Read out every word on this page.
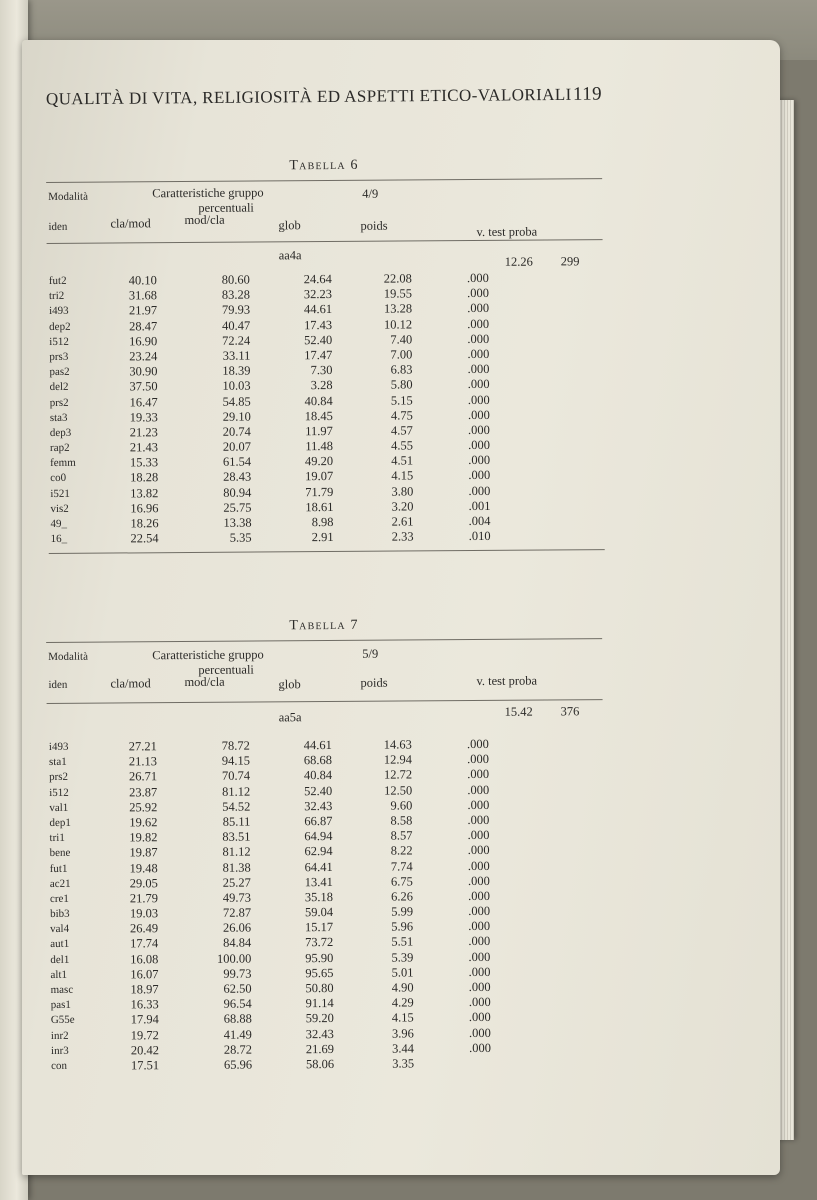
QUALITÀ DI VITA, RELIGIOSITÀ ED ASPETTI ETICO-VALORIALI 119
Tabella 6
Modalità	Caratteristiche gruppo
percentuali
4/9
iden	cla/mod	mod/cla	glob	poids	v. test proba
aa4a	12.26 299
fut2	40.10	80.60	24.64	22.08	.000
tri2	31.68	83.28	32.23	19.55	.000
i493	21.97	79.93	44.61	13.28	.000
dep2	28.47	40.47	17.43	10.12	.000
i512	16.90	72.24	52.40	7.40	.000
prs3	23.24	33.11	17.47	7.00	.000
pas2	30.90	18.39	7.30	6.83	.000
del2	37.50	10.03	3.28	5.80	.000
prs2	16.47	54.85	40.84	5.15	.000
sta3	19.33	29.10	18.45	4.75	.000
dep3	21.23	20.74	11.97	4.57	.000
rap2	21.43	20.07	11.48	4.55	.000
femm	15.33	61.54	49.20	4.51	.000
co0	18.28	28.43	19.07	4.15	.000
i521	13.82	80.94	71.79	3.80	.000
vis2	16.96	25.75	18.61	3.20	.001
49_	18.26	13.38	8.98	2.61	.004
16_	22.54	5.35	2.91	2.33	.010
Tabella 7
Modalità	Caratteristiche gruppo
percentuali
5/9
iden	cla/mod	mod/cla	glob	poids	v. test proba
aa5a	15.42 376
i493	27.21	78.72	44.61	14.63	.000
sta1	21.13	94.15	68.68	12.94	.000
prs2	26.71	70.74	40.84	12.72	.000
i512	23.87	81.12	52.40	12.50	.000
val1	25.92	54.52	32.43	9.60	.000
dep1	19.62	85.11	66.87	8.58	.000
tri1	19.82	83.51	64.94	8.57	.000
bene	19.87	81.12	62.94	8.22	.000
fut1	19.48	81.38	64.41	7.74	.000
ac21	29.05	25.27	13.41	6.75	.000
cre1	21.79	49.73	35.18	6.26	.000
bib3	19.03	72.87	59.04	5.99	.000
val4	26.49	26.06	15.17	5.96	.000
aut1	17.74	84.84	73.72	5.51	.000
del1	16.08	100.00	95.90	5.39	.000
alt1	16.07	99.73	95.65	5.01	.000
masc	18.97	62.50	50.80	4.90	.000
pas1	16.33	96.54	91.14	4.29	.000
G55e	17.94	68.88	59.20	4.15	.000
inr2	19.72	41.49	32.43	3.96	.000
inr3	20.42	28.72	21.69	3.44	.000
con	17.51	65.96	58.06	3.35
